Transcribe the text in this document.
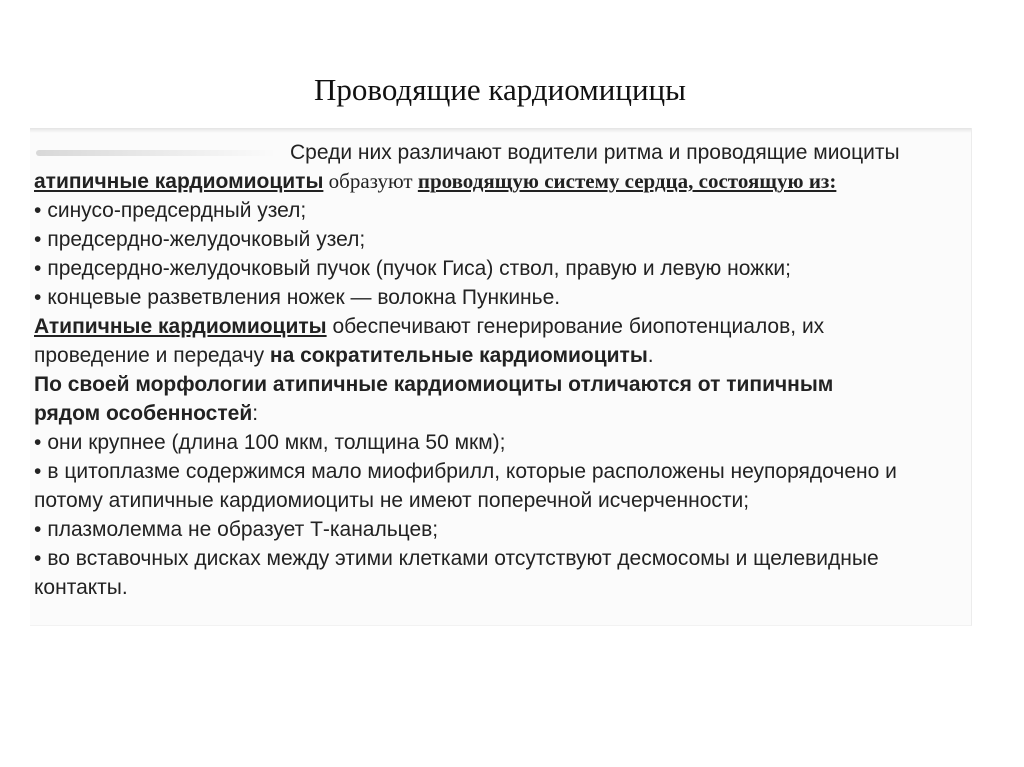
Проводящие кардиомицицы
Среди них различают водители ритма и проводящие миоциты
атипичные кардиомиоциты образуют проводящую систему сердца, состоящую из:
• синусо-предсердный узел;
• предсердно-желудочковый узел;
• предсердно-желудочковый пучок (пучок Гиса) ствол, правую и левую ножки;
• концевые разветвления ножек — волокна Пункинье.
Атипичные кардиомиоциты обеспечивают генерирование биопотенциалов, их
проведение и передачу на сократительные кардиомиоциты.
По своей морфологии атипичные кардиомиоциты отличаются от типичным
рядом особенностей:
• они крупнее (длина 100 мкм, толщина 50 мкм);
• в цитоплазме содержимся мало миофибрилл, которые расположены неупорядочено и
потому атипичные кардиомиоциты не имеют поперечной исчерченности;
• плазмолемма не образует Т-канальцев;
• во вставочных дисках между этими клетками отсутствуют десмосомы и щелевидные
контакты.
